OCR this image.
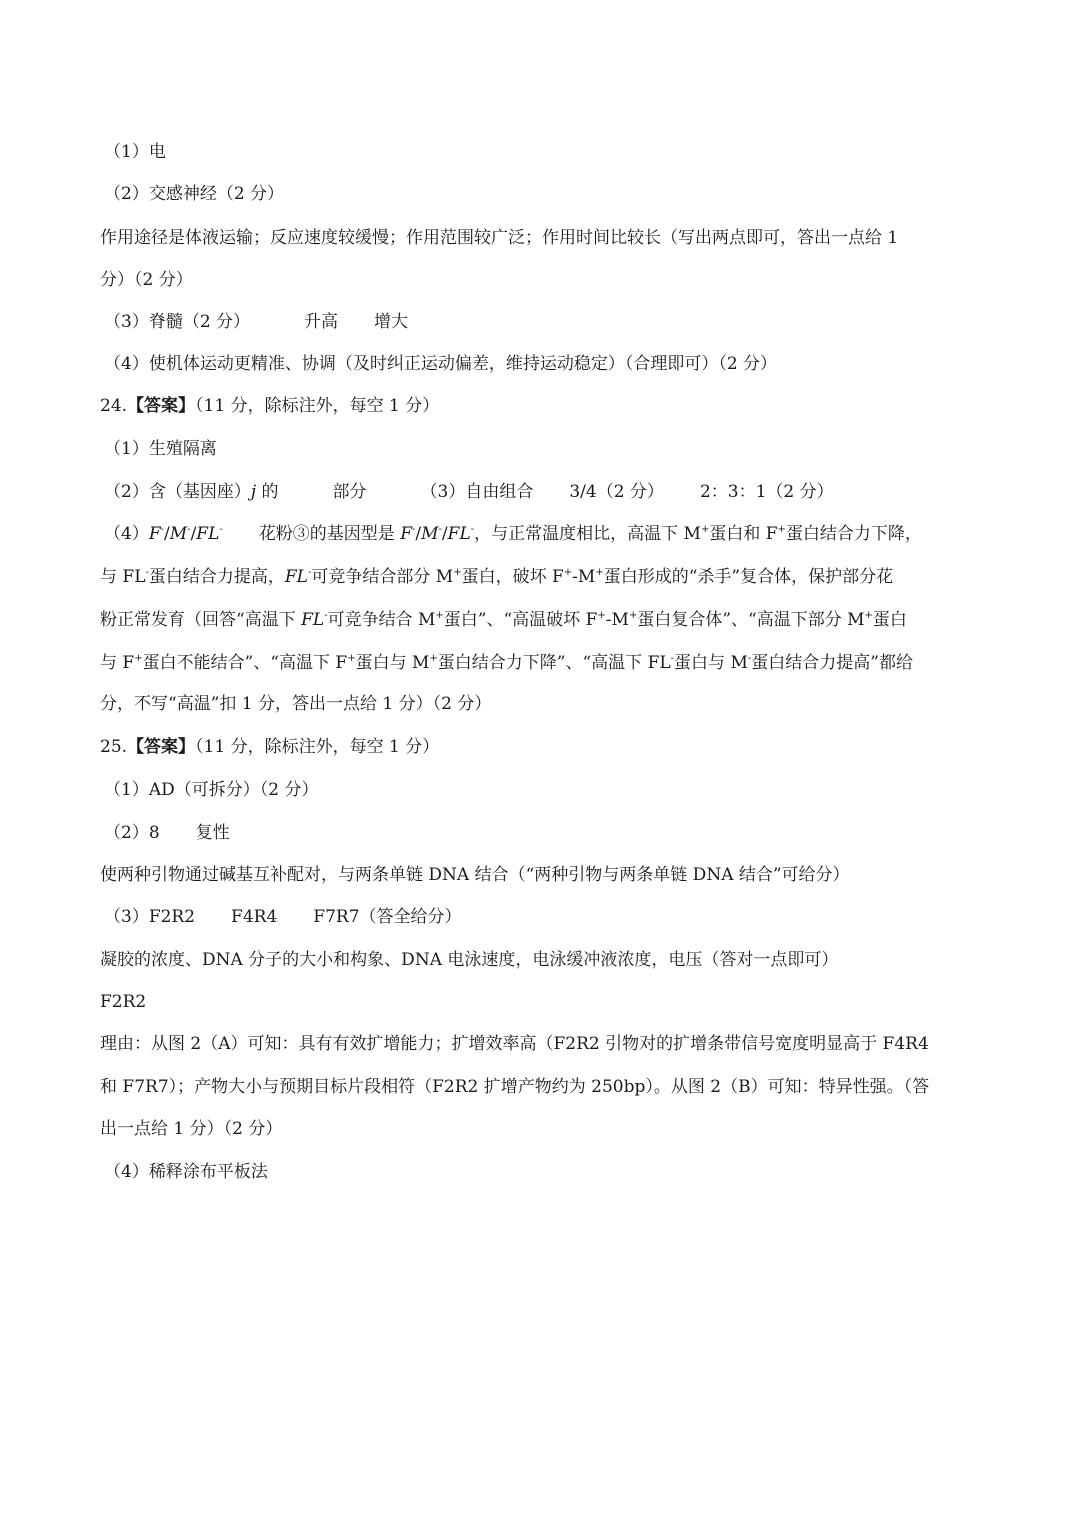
（1）电
（2）交感神经（2 分）
作用途径是体液运输；反应速度较缓慢；作用范围较广泛；作用时间比较长（写出两点即可，答出一点给 1
分）（2 分）
（3）脊髓（2 分）	升高 增大
（4）使机体运动更精准、协调（及时纠正运动偏差，维持运动稳定）（合理即可）（2 分）
24.【答案】（11 分，除标注外，每空 1 分）
（1）生殖隔离
（2）含（基因座）j 的	部分	（3）自由组合 3/4（2 分） 2：3：1（2 分）
（4）F-/M-/FL- 花粉③的基因型是 F-/M-/FL-，与正常温度相比，高温下 M+蛋白和 F+蛋白结合力下降，
与 FL-蛋白结合力提高，FL-可竞争结合部分 M+蛋白，破坏 F+-M+蛋白形成的“杀手”复合体，保护部分花
粉正常发育（回答“高温下 FL-可竞争结合 M+蛋白”、“高温破坏 F+-M+蛋白复合体”、“高温下部分 M+蛋白
与 F+蛋白不能结合”、“高温下 F+蛋白与 M+蛋白结合力下降”、“高温下 FL-蛋白与 M-蛋白结合力提高”都给
分，不写“高温”扣 1 分，答出一点给 1 分）（2 分）
25.【答案】（11 分，除标注外，每空 1 分）
（1）AD（可拆分）（2 分）
（2）8 复性
使两种引物通过碱基互补配对，与两条单链 DNA 结合（“两种引物与两条单链 DNA 结合”可给分）
（3）F2R2 F4R4 F7R7（答全给分）
凝胶的浓度、DNA 分子的大小和构象、DNA 电泳速度，电泳缓冲液浓度，电压（答对一点即可）
F2R2
理由：从图 2（A）可知：具有有效扩增能力；扩增效率高（F2R2 引物对的扩增条带信号宽度明显高于 F4R4
和 F7R7）；产物大小与预期目标片段相符（F2R2 扩增产物约为 250bp）。从图 2（B）可知：特异性强。（答
出一点给 1 分）（2 分）
（4）稀释涂布平板法
